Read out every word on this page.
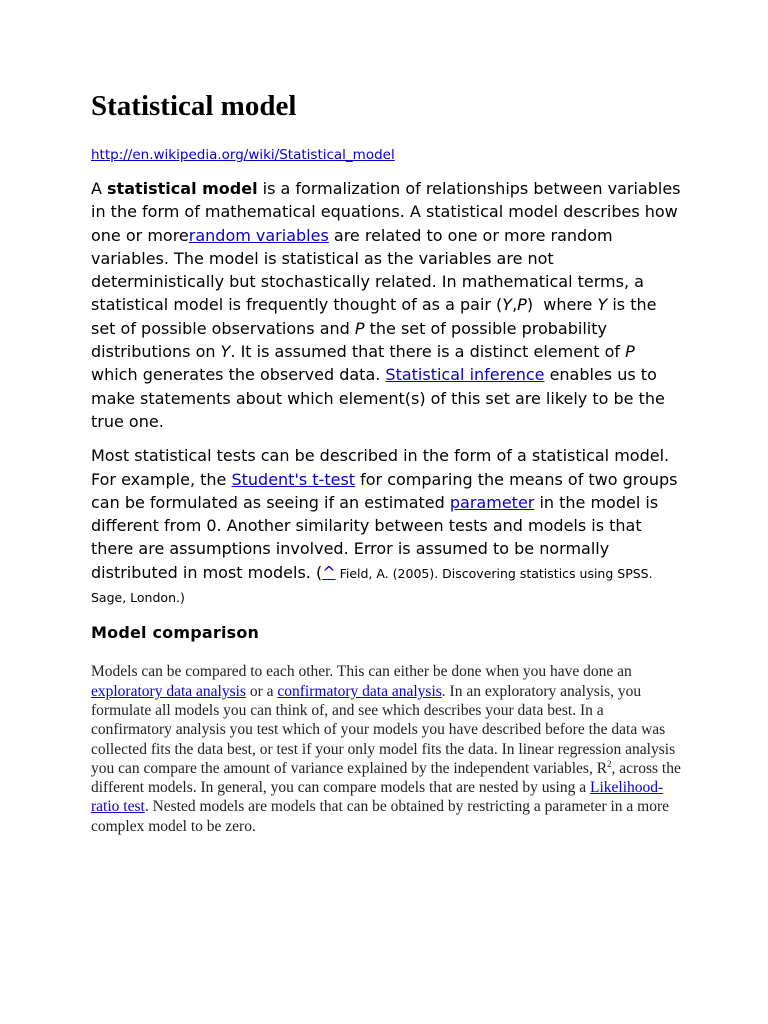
Statistical model
http://en.wikipedia.org/wiki/Statistical_model

A statistical model is a formalization of relationships between variables in the form of mathematical equations. A statistical model describes how one or morerandom variables are related to one or more random variables. The model is statistical as the variables are not deterministically but stochastically related. In mathematical terms, a statistical model is frequently thought of as a pair (Y,P)  where Y is the set of possible observations and P the set of possible probability distributions on Y. It is assumed that there is a distinct element of P which generates the observed data. Statistical inference enables us to make statements about which element(s) of this set are likely to be the true one.

Most statistical tests can be described in the form of a statistical model. For example, the Student's t-test for comparing the means of two groups can be formulated as seeing if an estimated parameter in the model is different from 0. Another similarity between tests and models is that there are assumptions involved. Error is assumed to be normally distributed in most models. (^ Field, A. (2005). Discovering statistics using SPSS. Sage, London.)

Model comparison

Models can be compared to each other. This can either be done when you have done an exploratory data analysis or a confirmatory data analysis. In an exploratory analysis, you formulate all models you can think of, and see which describes your data best. In a confirmatory analysis you test which of your models you have described before the data was collected fits the data best, or test if your only model fits the data. In linear regression analysis you can compare the amount of variance explained by the independent variables, $R^2$, across the different models. In general, you can compare models that are nested by using a Likelihood-ratio test. Nested models are models that can be obtained by restricting a parameter in a more complex model to be zero.
